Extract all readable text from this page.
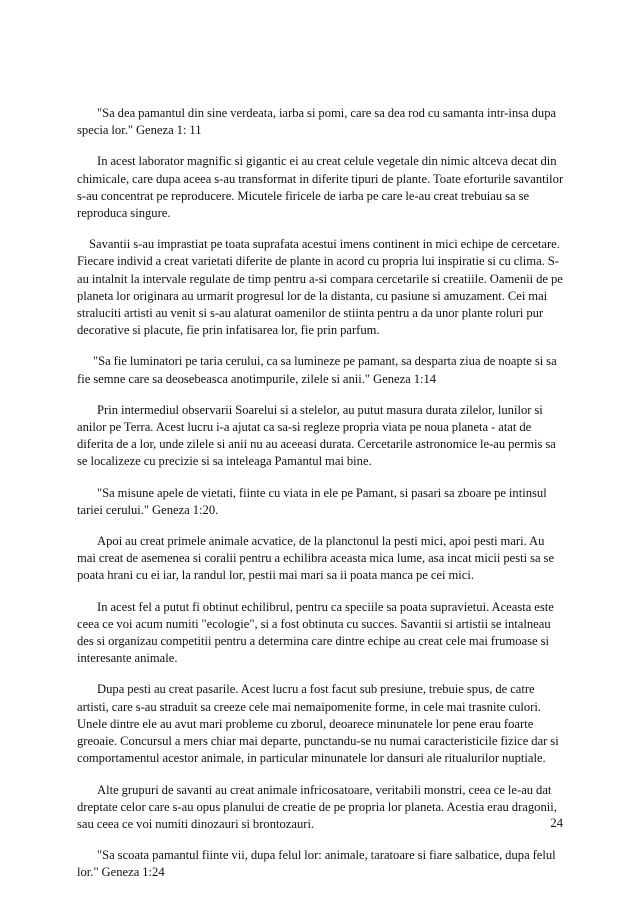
"Sa dea pamantul din sine verdeata, iarba si pomi, care sa dea rod cu samanta intr-insa dupa specia lor." Geneza 1: 11

In acest laborator magnific si gigantic ei au creat celule vegetale din nimic altceva decat din chimicale, care dupa aceea s-au transformat in diferite tipuri de plante. Toate eforturile savantilor s-au concentrat pe reproducere. Micutele firicele de iarba pe care le-au creat trebuiau sa se reproduca singure.

Savantii s-au imprastiat pe toata suprafata acestui imens continent in mici echipe de cercetare. Fiecare individ a creat varietati diferite de plante in acord cu propria lui inspiratie si cu clima. S-au intalnit la intervale regulate de timp pentru a-si compara cercetarile si creatiile. Oamenii de pe planeta lor originara au urmarit progresul lor de la distanta, cu pasiune si amuzament. Cei mai straluciti artisti au venit si s-au alaturat oamenilor de stiinta pentru a da unor plante roluri pur decorative si placute, fie prin infatisarea lor, fie prin parfum.

"Sa fie luminatori pe taria cerului, ca sa lumineze pe pamant, sa desparta ziua de noapte si sa fie semne care sa deosebeasca anotimpurile, zilele si anii." Geneza 1:14

Prin intermediul observarii Soarelui si a stelelor, au putut masura durata zilelor, lunilor si anilor pe Terra. Acest lucru i-a ajutat ca sa-si regleze propria viata pe noua planeta - atat de diferita de a lor, unde zilele si anii nu au aceeasi durata. Cercetarile astronomice le-au permis sa se localizeze cu precizie si sa inteleaga Pamantul mai bine.

"Sa misune apele de vietati, fiinte cu viata in ele pe Pamant, si pasari sa zboare pe intinsul tariei cerului." Geneza 1:20.

Apoi au creat primele animale acvatice, de la planctonul la pesti mici, apoi pesti mari. Au mai creat de asemenea si coralii pentru a echilibra aceasta mica lume, asa incat micii pesti sa se poata hrani cu ei iar, la randul lor, pestii mai mari sa ii poata manca pe cei mici.

In acest fel a putut fi obtinut echilibrul, pentru ca speciile sa poata supravietui. Aceasta este ceea ce voi acum numiti "ecologie", si a fost obtinuta cu succes. Savantii si artistii se intalneau des si organizau competitii pentru a determina care dintre echipe au creat cele mai frumoase si interesante animale.

Dupa pesti au creat pasarile. Acest lucru a fost facut sub presiune, trebuie spus, de catre artisti, care s-au straduit sa creeze cele mai nemaipomenite forme, in cele mai trasnite culori. Unele dintre ele au avut mari probleme cu zborul, deoarece minunatele lor pene erau foarte greoaie. Concursul a mers chiar mai departe, punctandu-se nu numai caracteristicile fizice dar si comportamentul acestor animale, in particular minunatele lor dansuri ale ritualurilor nuptiale.

Alte grupuri de savanti au creat animale infricosatoare, veritabili monstri, ceea ce le-au dat dreptate celor care s-au opus planului de creatie de pe propria lor planeta. Acestia erau dragonii, sau ceea ce voi numiti dinozauri si brontozauri.

"Sa scoata pamantul fiinte vii, dupa felul lor: animale, taratoare si fiare salbatice, dupa felul lor." Geneza 1:24

24
